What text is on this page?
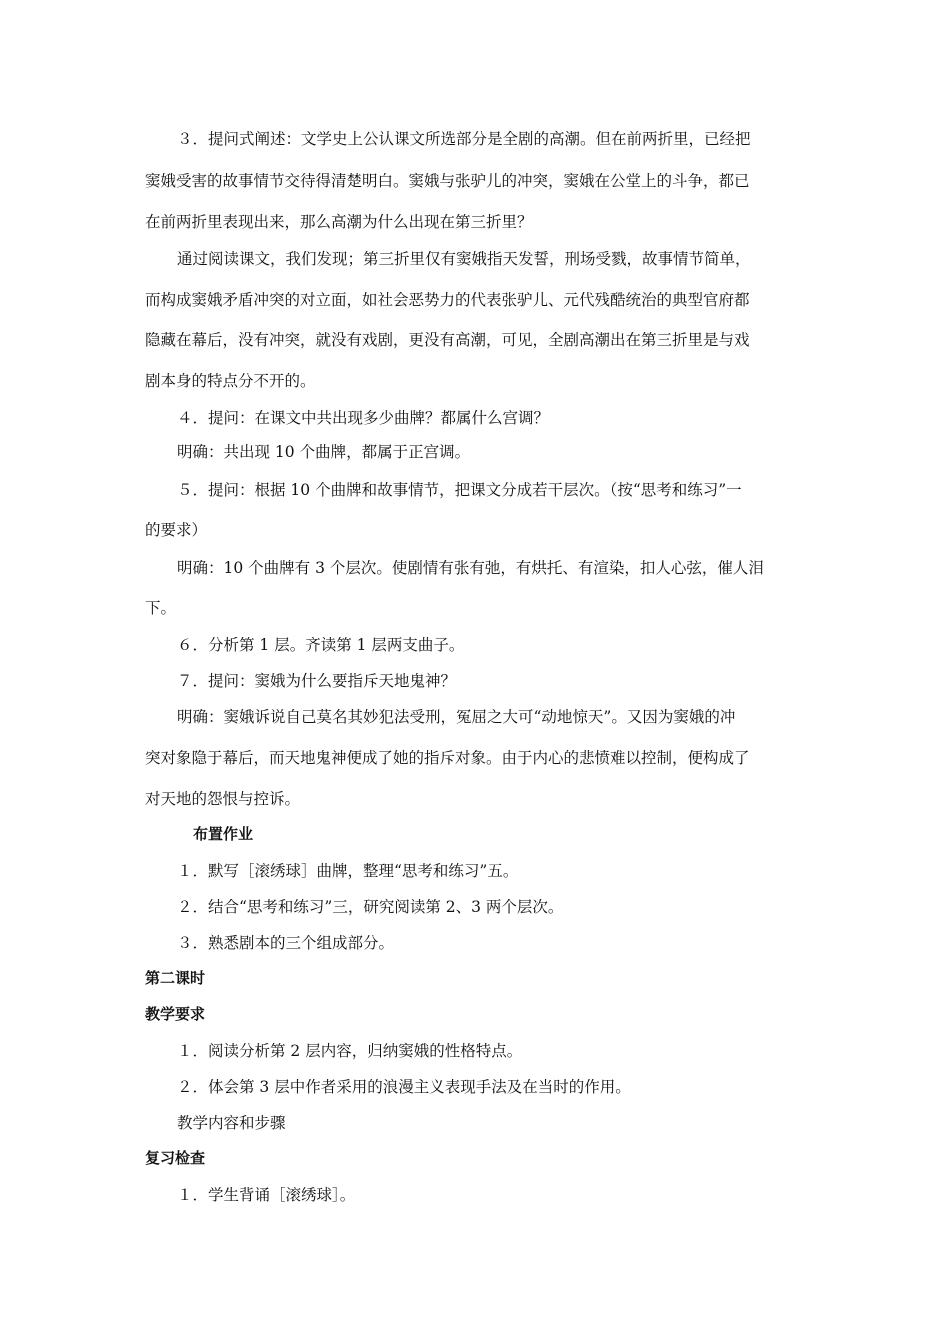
３．提问式阐述：文学史上公认课文所选部分是全剧的高潮。但在前两折里，已经把
窦娥受害的故事情节交待得清楚明白。窦娥与张驴儿的冲突，窦娥在公堂上的斗争，都已
在前两折里表现出来，那么高潮为什么出现在第三折里？
通过阅读课文，我们发现；第三折里仅有窦娥指天发誓，刑场受戮，故事情节简单，
而构成窦娥矛盾冲突的对立面，如社会恶势力的代表张驴儿、元代残酷统治的典型官府都
隐藏在幕后，没有冲突，就没有戏剧，更没有高潮，可见，全剧高潮出在第三折里是与戏
剧本身的特点分不开的。
４．提问：在课文中共出现多少曲牌？都属什么宫调？
明确：共出现 10 个曲牌，都属于正宫调。
５．提问：根据 10 个曲牌和故事情节，把课文分成若干层次。（按“思考和练习”一
的要求）
明确：10 个曲牌有 3 个层次。使剧情有张有弛，有烘托、有渲染，扣人心弦，催人泪
下。
６．分析第 1 层。齐读第 1 层两支曲子。
７．提问：窦娥为什么要指斥天地鬼神？
明确：窦娥诉说自己莫名其妙犯法受刑，冤屈之大可“动地惊天”。又因为窦娥的冲
突对象隐于幕后，而天地鬼神便成了她的指斥对象。由于内心的悲愤难以控制，便构成了
对天地的怨恨与控诉。
布置作业
１．默写［滚绣球］曲牌，整理“思考和练习”五。
２．结合“思考和练习”三，研究阅读第 2、3 两个层次。
３．熟悉剧本的三个组成部分。
第二课时
教学要求
１．阅读分析第 2 层内容，归纳窦娥的性格特点。
２．体会第 3 层中作者采用的浪漫主义表现手法及在当时的作用。
教学内容和步骤
复习检查
１．学生背诵［滚绣球］。
